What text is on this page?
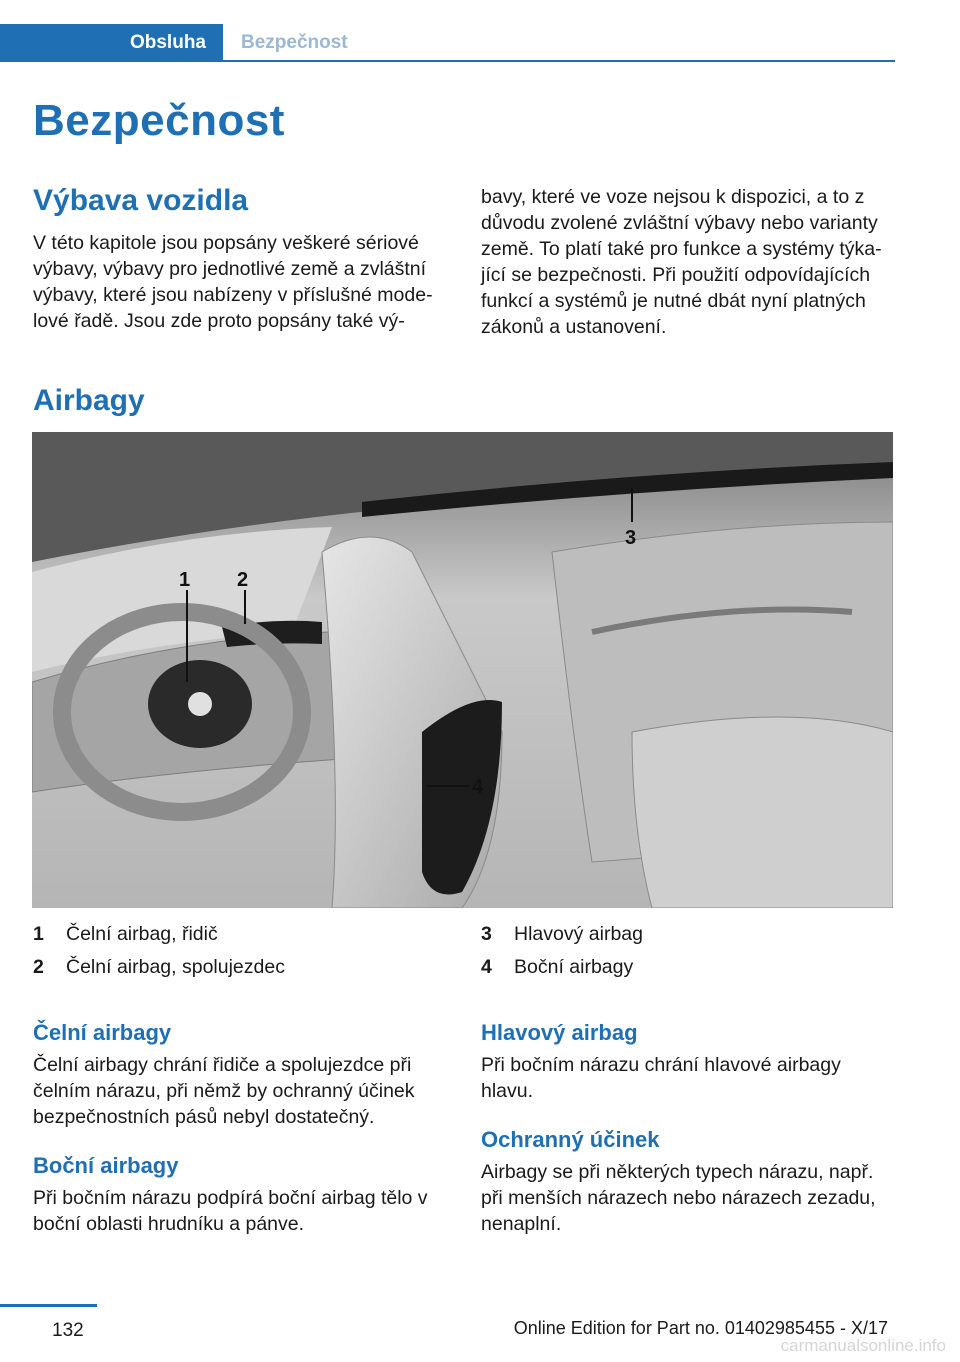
Obsluha	Bezpečnost
Bezpečnost
Výbava vozidla

V této kapitole jsou popsány veškeré sériové

výbavy, výbavy pro jednotlivé země a zvláštní

výbavy, které jsou nabízeny v příslušné mode‐

lové řadě. Jsou zde proto popsány také vý‐

bavy, které ve voze nejsou k dispozici, a to z

důvodu zvolené zvláštní výbavy nebo varianty

země. To platí také pro funkce a systémy týka‐

jící se bezpečnosti. Při použití odpovídajících

funkcí a systémů je nutné dbát nyní platných

zákonů a ustanovení.

Airbagy
1 2
3
4
1	Čelní airbag, řidič
2	Čelní airbag, spolujezdec
3	Hlavový airbag
4	Boční airbagy
Čelní airbagy

Čelní airbagy chrání řidiče a spolujezdce při

čelním nárazu, při němž by ochranný účinek

bezpečnostních pásů nebyl dostatečný.

Boční airbagy

Při bočním nárazu podpírá boční airbag tělo v

boční oblasti hrudníku a pánve.

Hlavový airbag

Při bočním nárazu chrání hlavové airbagy

hlavu.

Ochranný účinek

Airbagy se při některých typech nárazu, např.

při menších nárazech nebo nárazech zezadu,

nenaplní.

132	Online Edition for Part no. 01402985455 - X/17
carmanualsonline.info
